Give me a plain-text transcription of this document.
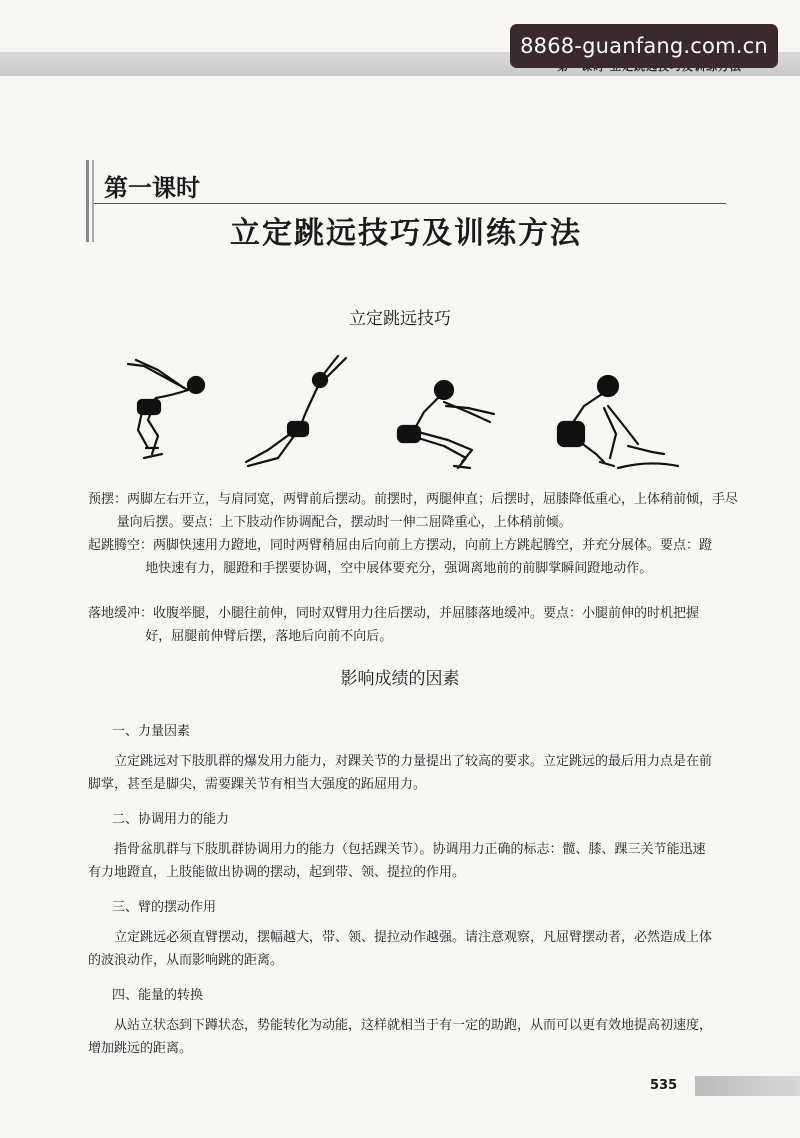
8868-guanfang.com.cn
第一课时
立定跳远技巧及训练方法
立定跳远技巧
预摆：两脚左右开立，与肩同宽，两臂前后摆动。前摆时，两腿伸直；后摆时，屈膝降低重心，上体稍前倾，手尽量向后摆。要点：上下肢动作协调配合，摆动时一伸二屈降重心，上体稍前倾。
起跳腾空：两脚快速用力蹬地，同时两臂稍屈由后向前上方摆动，向前上方跳起腾空，并充分展体。要点：蹬地快速有力，腿蹬和手摆要协调，空中展体要充分，强调离地前的前脚掌瞬间蹬地动作。
落地缓冲：收腹举腿，小腿往前伸，同时双臂用力往后摆动，并屈膝落地缓冲。要点：小腿前伸的时机把握好，屈腿前伸臂后摆，落地后向前不向后。
影响成绩的因素
一、力量因素

立定跳远对下肢肌群的爆发用力能力，对踝关节的力量提出了较高的要求。立定跳远的最后用力点是在前脚掌，甚至是脚尖，需要踝关节有相当大强度的跖屈用力。

二、协调用力的能力

指骨盆肌群与下肢肌群协调用力的能力（包括踝关节）。协调用力正确的标志：髋、膝、踝三关节能迅速有力地蹬直，上肢能做出协调的摆动，起到带、领、提拉的作用。

三、臂的摆动作用

立定跳远必须直臂摆动，摆幅越大，带、领、提拉动作越强。请注意观察，凡屈臂摆动者，必然造成上体的波浪动作，从而影响跳的距离。

四、能量的转换

从站立状态到下蹲状态，势能转化为动能，这样就相当于有一定的助跑，从而可以更有效地提高初速度，增加跳远的距离。

535
